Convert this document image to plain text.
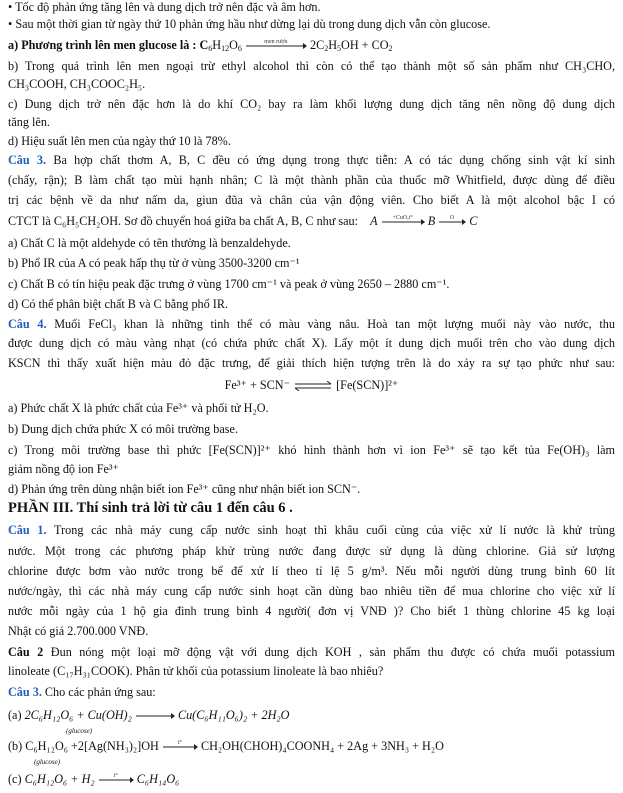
• Tốc độ phản ứng tăng lên và dung dịch trở nên đặc và âm hơn.
• Sau một thời gian từ ngày thứ 10 phản ứng hầu như dừng lại dù trong dung dịch vẫn còn glucose.
a) Phương trình lên men glucose là : $C_6H_{12}O_6$
men rượu	$2C_2H_5OH + CO_2$
b) Trong quá trình lên men ngoại trừ ethyl alcohol thì còn có thể tạo thành một số sản phẩm như CH₃CHO,
CH₃COOH, CH₃COOC₂H₅.
c) Dung dịch trở nên đặc hơn là do khí CO₂ bay ra làm khối lượng dung dịch tăng nên nồng độ dung dịch
tăng lên.
d) Hiệu suất lên men của ngày thứ 10 là 78%.
Câu 3. Ba hợp chất thơm A, B, C đều có ứng dụng trong thực tiễn: A có tác dụng chống sinh vật kí sinh
(chấy, rận); B làm chất tạo mùi hạnh nhân; C là một thành phần của thuốc mỡ Whitfield, được dùng để điều
trị các bệnh về da như nấm da, giun đũa và chân của vận động viên. Cho biết A là một alcohol bậc I có
CTCT là C₆H₅CH₂OH. Sơ đồ chuyển hoá giữa ba chất A, B, C như sau: A	+CuO,t°	B	O	C
a) Chất C là một aldehyde có tên thường là benzaldehyde.
b) Phổ IR của A có peak hấp thụ từ ở vùng 3500-3200 cm⁻¹
c) Chất B có tín hiệu peak đặc trưng ở vùng 1700 cm⁻¹ và peak ở vùng 2650 – 2880 cm⁻¹.
d) Có thể phân biệt chất B và C bằng phổ IR.
Câu 4. Muối FeCl₃ khan là những tinh thể có màu vàng nâu. Hoà tan một lượng muối này vào nước, thu
được dung dịch có màu vàng nhạt (có chứa phức chất X). Lấy một ít dung dịch muối trên cho vào dung dịch
KSCN thì thấy xuất hiện màu đỏ đặc trưng, để giải thích hiện tượng trên là do xảy ra sự tạo phức như sau:
Fe³⁺ + SCN⁻ ⇌ [Fe(SCN)]²⁺
a) Phức chất X là phức chất của Fe³⁺ và phối tử H₂O.
b) Dung dịch chứa phức X có môi trường base.
c) Trong môi trường base thì phức [Fe(SCN)]²⁺ khó hình thành hơn vì ion Fe³⁺ sẽ tạo kết tủa Fe(OH)₃ làm
giảm nồng độ ion Fe³⁺
d) Phản ứng trên dùng nhận biết ion Fe³⁺ cũng như nhận biết ion SCN⁻.
PHẦN III. Thí sinh trả lời từ câu 1 đến câu 6 .
Câu 1. Trong các nhà máy cung cấp nước sinh hoạt thì khâu cuối cùng của việc xử lí nước là khử trùng
nước. Một trong các phương pháp khử trùng nước đang được sử dụng là dùng chlorine. Giả sử lượng
chlorine được bơm vào nước trong bể để xử lí theo tỉ lệ 5 g/m³. Nếu mỗi người dùng trung bình 60 lít
nước/ngày, thì các nhà máy cung cấp nước sinh hoạt cần dùng bao nhiêu tiền để mua chlorine cho việc xử lí
nước mỗi ngày của 1 hộ gia đình trung bình 4 người( đơn vị VNĐ )? Cho biết 1 thùng chlorine 45 kg loại
Nhật có giá 2.700.000 VNĐ.
Câu 2 Đun nóng một loại mỡ động vật với dung dịch KOH , sản phẩm thu được có chứa muối potassium
linoleate (C₁₇H₃₁COOK). Phân tử khối của potassium linoleate là bao nhiêu?
Câu 3. Cho các phản ứng sau:
(a) 2C₆H₁₂O₆ + Cu(OH)₂ → Cu(C₆H₁₁O₆)₂ + 2H₂O
(glucose)
(b) C₆H₁₂O₆ +2[Ag(NH₃)₂]OH	t°	CH₂OH(CHOH)₄COONH₄ + 2Ag + 3NH₃ + H₂O
(glucose)
(c) C₆H₁₂O₆ + H₂	t°	C₆H₁₄O₆
